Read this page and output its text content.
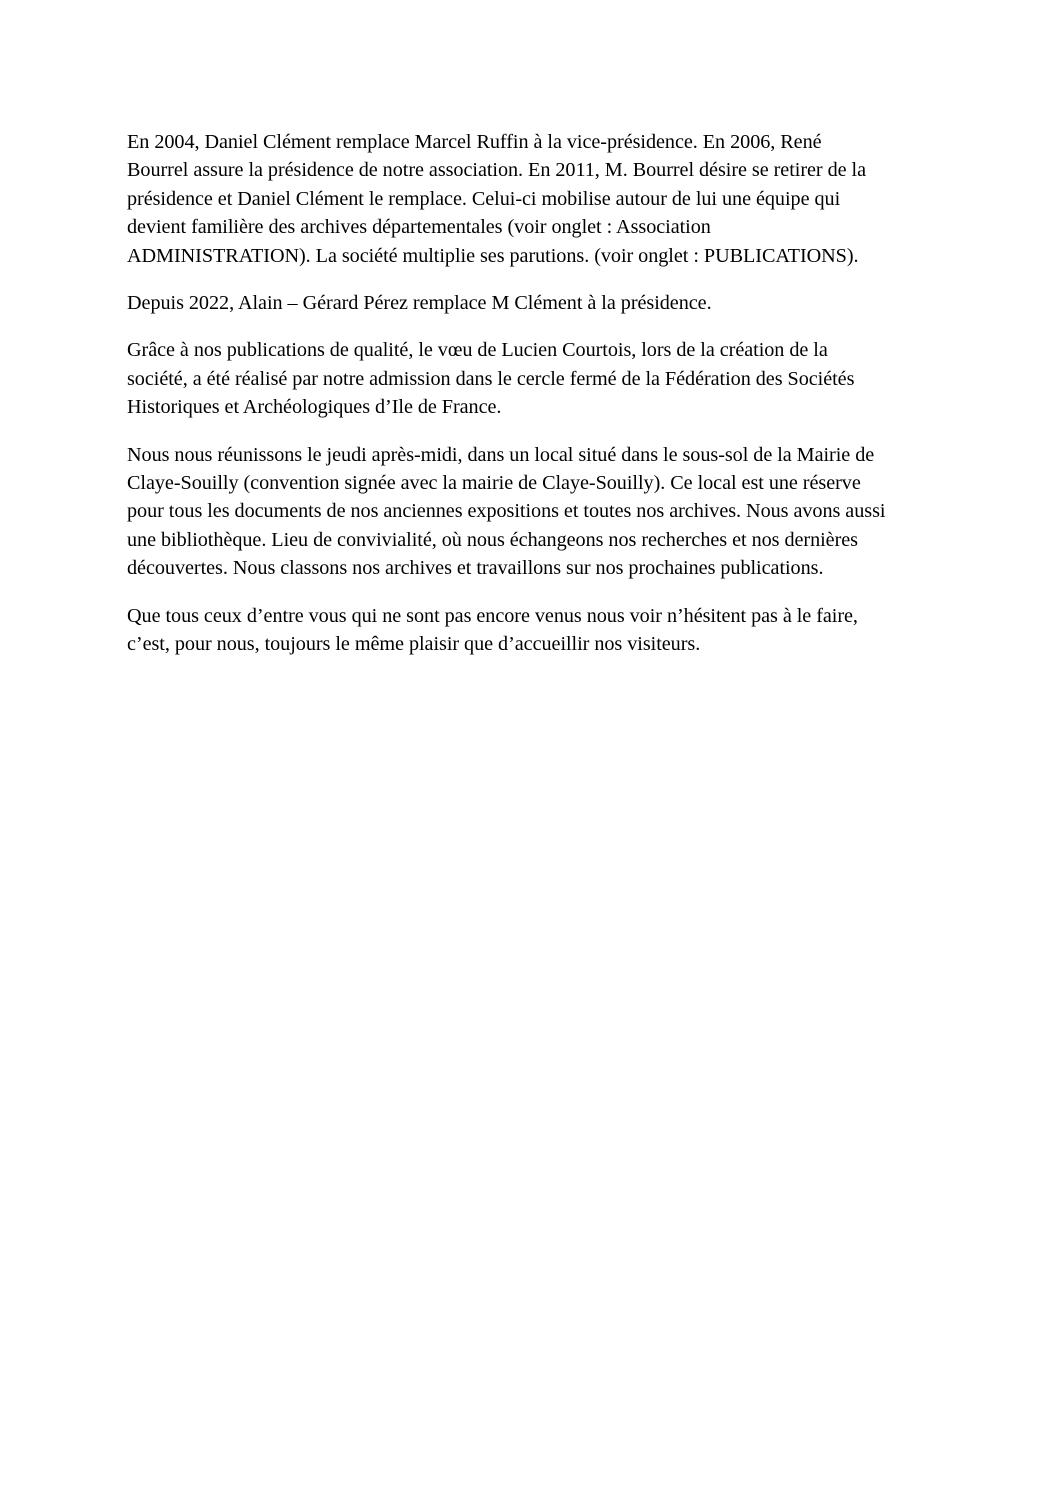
En 2004, Daniel Clément remplace Marcel Ruffin à la vice-présidence. En 2006, René
Bourrel assure la présidence de notre association. En 2011, M. Bourrel désire se retirer de la
présidence et Daniel Clément le remplace. Celui-ci mobilise autour de lui une équipe qui
devient familière des archives départementales (voir onglet : Association
ADMINISTRATION). La société multiplie ses parutions. (voir onglet : PUBLICATIONS).

Depuis 2022, Alain – Gérard Pérez remplace M Clément à la présidence.

Grâce à nos publications de qualité, le vœu de Lucien Courtois, lors de la création de la
société, a été réalisé par notre admission dans le cercle fermé de la Fédération des Sociétés
Historiques et Archéologiques d’Ile de France.

Nous nous réunissons le jeudi après-midi, dans un local situé dans le sous-sol de la Mairie de
Claye-Souilly (convention signée avec la mairie de Claye-Souilly). Ce local est une réserve
pour tous les documents de nos anciennes expositions et toutes nos archives. Nous avons aussi
une bibliothèque. Lieu de convivialité, où nous échangeons nos recherches et nos dernières
découvertes. Nous classons nos archives et travaillons sur nos prochaines publications.

Que tous ceux d’entre vous qui ne sont pas encore venus nous voir n’hésitent pas à le faire,
c’est, pour nous, toujours le même plaisir que d’accueillir nos visiteurs.
